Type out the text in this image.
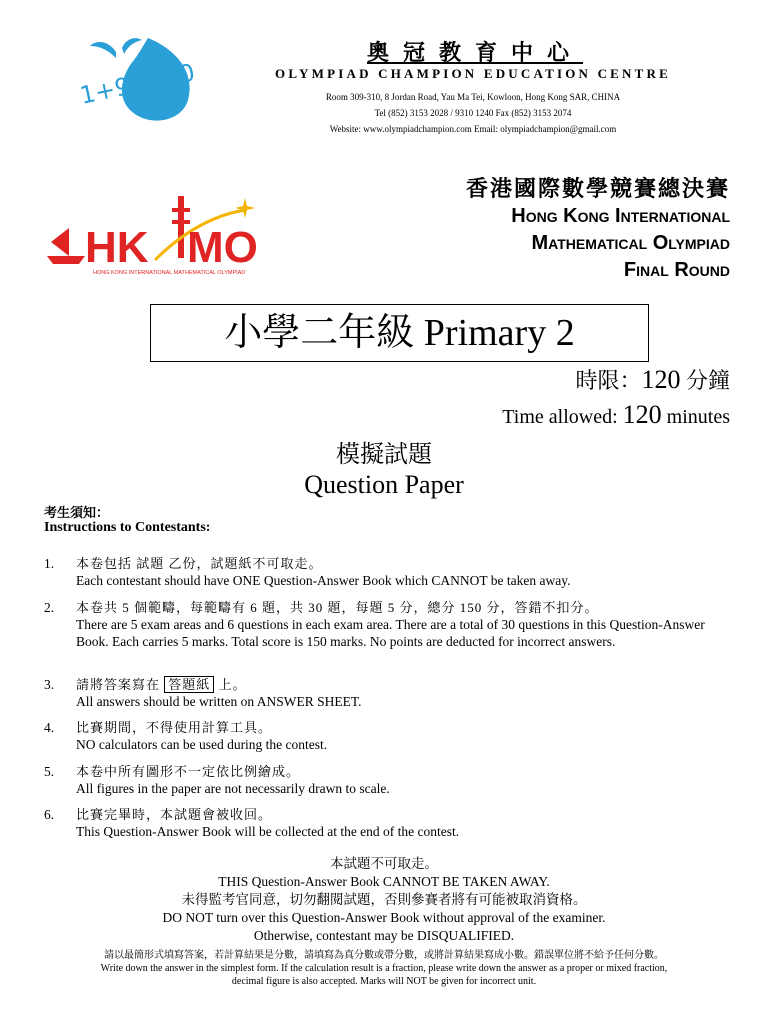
1+9=100
奧冠教育中心
OLYMPIAD CHAMPION EDUCATION CENTRE
Room 309-310, 8 Jordan Road, Yau Ma Tei, Kowloon, Hong Kong SAR, CHINA
Tel (852) 3153 2028 / 9310 1240 Fax (852) 3153 2074
Website: www.olympiadchampion.com Email: olympiadchampion@gmail.com
HK MO
HONG KONG INTERNATIONAL MATHEMATICAL OLYMPIAD
香港國際數學競賽總決賽
Hong Kong International
Mathematical Olympiad
Final Round
小學二年級 Primary 2
時限：120 分鐘
Time allowed: 120 minutes
模擬試題
Question Paper
考生須知：
Instructions to Contestants:
1. 本卷包括 試題 乙份，試題紙不可取走。
Each contestant should have ONE Question-Answer Book which CANNOT be taken away.
2. 本卷共 5 個範疇，每範疇有 6 題，共 30 題，每題 5 分，總分 150 分，答錯不扣分。
There are 5 exam areas and 6 questions in each exam area. There are a total of 30 questions in this Question-Answer Book. Each carries 5 marks. Total score is 150 marks. No points are deducted for incorrect answers.
3. 請將答案寫在 答題紙 上。
All answers should be written on ANSWER SHEET.
4. 比賽期間，不得使用計算工具。
NO calculators can be used during the contest.
5. 本卷中所有圖形不一定依比例繪成。
All figures in the paper are not necessarily drawn to scale.
6. 比賽完畢時，本試題會被收回。
This Question-Answer Book will be collected at the end of the contest.
本試題不可取走。
THIS Question-Answer Book CANNOT BE TAKEN AWAY.
未得監考官同意，切勿翻閱試題，否則參賽者將有可能被取消資格。
DO NOT turn over this Question-Answer Book without approval of the examiner.
Otherwise, contestant may be DISQUALIFIED.
請以最簡形式填寫答案，若計算結果是分數，請填寫為真分數或帶分數，或將計算結果寫成小數。錯誤單位將不給予任何分數。
Write down the answer in the simplest form. If the calculation result is a fraction, please write down the answer as a proper or mixed fraction,
decimal figure is also accepted. Marks will NOT be given for incorrect unit.
